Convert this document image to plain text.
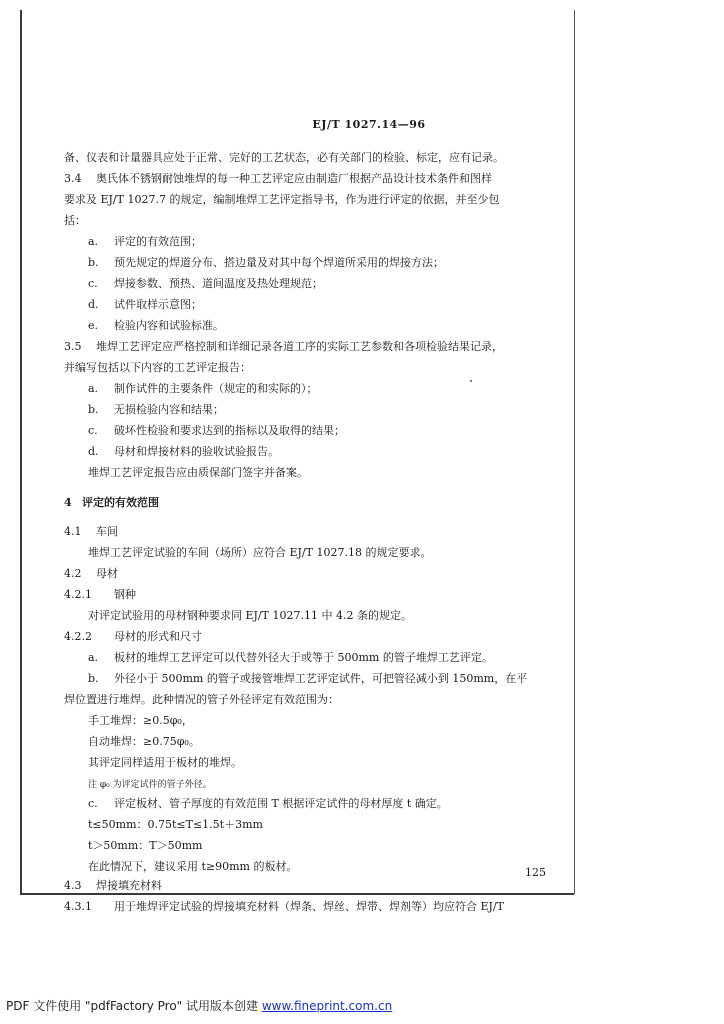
EJ/T 1027.14—96
备、仪表和计量器具应处于正常、完好的工艺状态，必有关部门的检验、标定，应有记录。
3.4 奥氏体不锈钢耐蚀堆焊的每一种工艺评定应由制造厂根据产品设计技术条件和图样
要求及 EJ/T 1027.7 的规定，编制堆焊工艺评定指导书，作为进行评定的依据，并至少包
括：
a. 评定的有效范围；
b. 预先规定的焊道分布、搭边量及对其中每个焊道所采用的焊接方法；
c. 焊接参数、预热、道间温度及热处理规范；
d. 试件取样示意图；
e. 检验内容和试验标准。
3.5 堆焊工艺评定应严格控制和详细记录各道工序的实际工艺参数和各项检验结果记录，
并编写包括以下内容的工艺评定报告：
a. 制作试件的主要条件（规定的和实际的）；
b. 无损检验内容和结果；
c. 破坏性检验和要求达到的指标以及取得的结果；
d. 母材和焊接材料的验收试验报告。
堆焊工艺评定报告应由质保部门签字并备案。
4 评定的有效范围
4.1 车间
堆焊工艺评定试验的车间（场所）应符合 EJ/T 1027.18 的规定要求。
4.2 母材
4.2.1 钢种
对评定试验用的母材钢种要求同 EJ/T 1027.11 中 4.2 条的规定。
4.2.2 母材的形式和尺寸
a. 板材的堆焊工艺评定可以代替外径大于或等于 500mm 的管子堆焊工艺评定。
b. 外径小于 500mm 的管子或接管堆焊工艺评定试件，可把管径减小到 150mm，在平
焊位置进行堆焊。此种情况的管子外径评定有效范围为：
手工堆焊：≥0.5φ₀，
自动堆焊：≥0.75φ₀。
其评定同样适用于板材的堆焊。
注 φ₀ 为评定试件的管子外径。
c. 评定板材、管子厚度的有效范围 T 根据评定试件的母材厚度 t 确定。
t≤50mm：0.75t≤T≤1.5t＋3mm
t＞50mm：T＞50mm
在此情况下，建议采用 t≥90mm 的板材。
4.3 焊接填充材料
4.3.1 用于堆焊评定试验的焊接填充材料（焊条、焊丝、焊带、焊剂等）均应符合 EJ/T
125
PDF 文件使用 "pdfFactory Pro" 试用版本创建 www.fineprint.com.cn
